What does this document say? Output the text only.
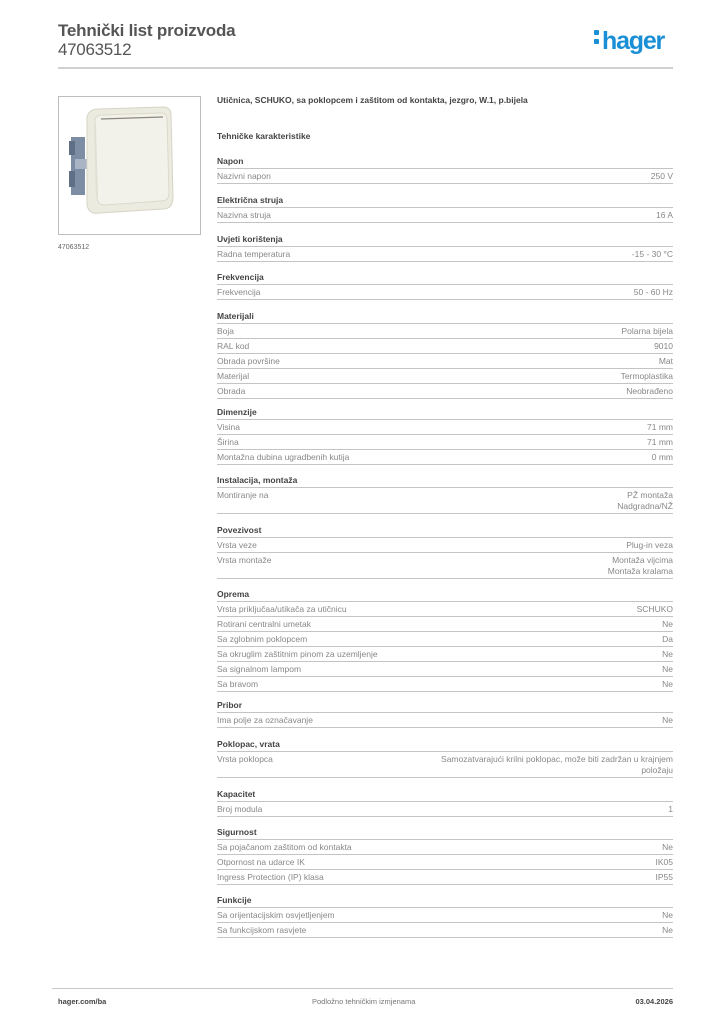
Tehnički list proizvoda
47063512	hager
47063512
Utičnica, SCHUKO, sa poklopcem i zaštitom od kontakta, jezgro, W.1, p.bijela
Tehničke karakteristike
Napon
Nazivni napon	250 V
Električna struja
Nazivna struja	16 A
Uvjeti korištenja
Radna temperatura	-15 - 30 °C
Frekvencija
Frekvencija	50 - 60 Hz
Materijali
Boja	Polarna bijela
RAL kod	9010
Obrada površine	Mat
Materijal	Termoplastika
Obrada	Neobrađeno
Dimenzije
Visina	71 mm
Širina	71 mm
Montažna dubina ugradbenih kutija	0 mm
Instalacija, montaža
Montiranje na	PŽ montaža
Nadgradna/NŽ
Povezivost
Vrsta veze	Plug-in veza
Vrsta montaže	Montaža vijcima
Montaža kralama
Oprema
Vrsta priključaa/utikača za utičnicu	SCHUKO
Rotirani centralni umetak	Ne
Sa zglobnim poklopcem	Da
Sa okruglim zaštitnim pinom za uzemljenje	Ne
Sa signalnom lampom	Ne
Sa bravom	Ne
Pribor
Ima polje za označavanje	Ne
Poklopac, vrata
Vrsta poklopca	Samozatvarajući krilni poklopac, može biti zadržan u krajnjem
položaju
Kapacitet
Broj modula	1
Sigurnost
Sa pojačanom zaštitom od kontakta	Ne
Otpornost na udarce IK	IK05
Ingress Protection (IP) klasa	IP55
Funkcije
Sa orijentacijskim osvjetljenjem	Ne
Sa funkcijskom rasvjete	Ne
hager.com/ba	Podložno tehničkim izmjenama	03.04.2026
